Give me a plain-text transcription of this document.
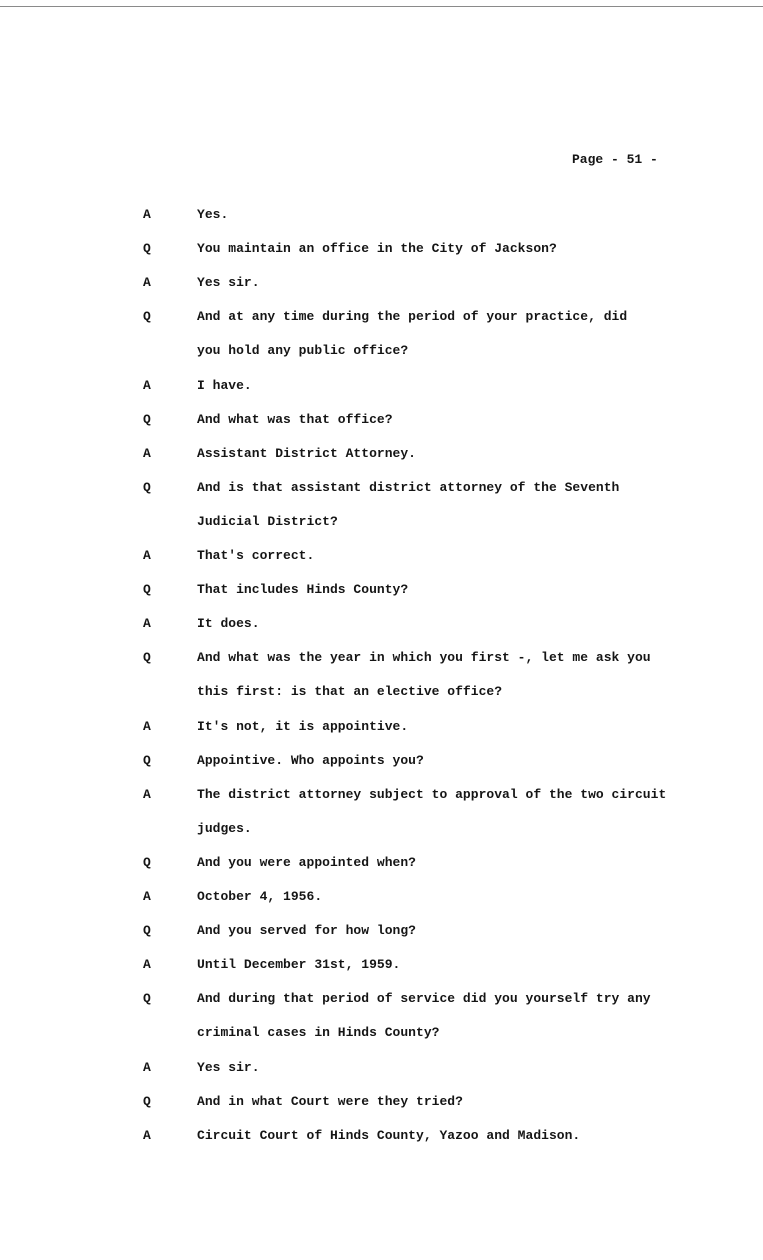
Page - 51 -
A	Yes.
Q	You maintain an office in the City of Jackson?
A	Yes sir.
Q	And at any time during the period of your practice, did
you hold any public office?
A	I have.
Q	And what was that office?
A	Assistant District Attorney.
Q	And is that assistant district attorney of the Seventh
Judicial District?
A	That's correct.
Q	That includes Hinds County?
A	It does.
Q	And what was the year in which you first -, let me ask you
this first: is that an elective office?
A	It's not, it is appointive.
Q	Appointive. Who appoints you?
A	The district attorney subject to approval of the two circuit
judges.
Q	And you were appointed when?
A	October 4, 1956.
Q	And you served for how long?
A	Until December 31st, 1959.
Q	And during that period of service did you yourself try any
criminal cases in Hinds County?
A	Yes sir.
Q	And in what Court were they tried?
A	Circuit Court of Hinds County, Yazoo and Madison.
